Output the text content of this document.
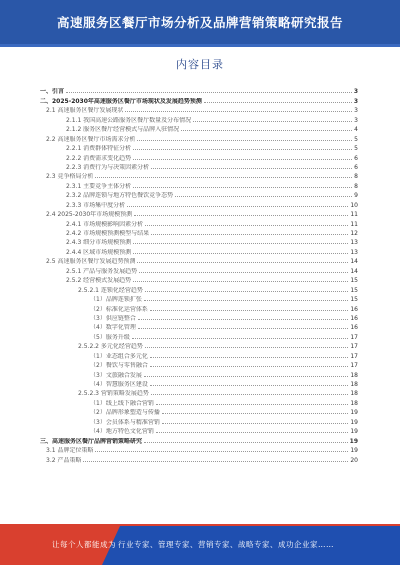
高速服务区餐厅市场分析及品牌营销策略研究报告
内容目录
一、引言	3
二、2025-2030年高速服务区餐厅市场现状及发展趋势预测	3
2.1 高速服务区餐厅发展现状	3
2.1.1 我国高速公路服务区餐厅数量及分布情况	3
2.1.2 服务区餐厅经营模式与品牌入驻情况	4
2.2 高速服务区餐厅市场需求分析	5
2.2.1 消费群体特征分析	5
2.2.2 消费需求变化趋势	6
2.2.3 消费行为与决策因素分析	6
2.3 竞争格局分析	8
2.3.1 主要竞争主体分析	8
2.3.2 品牌连锁与地方特色餐饮竞争态势	9
2.3.3 市场集中度分析	10
2.4 2025-2030年市场规模预测	11
2.4.1 市场规模影响因素分析	11
2.4.2 市场规模预测模型与结果	12
2.4.3 细分市场规模预测	13
2.4.4 区域市场规模预测	13
2.5 高速服务区餐厅发展趋势预测	14
2.5.1 产品与服务发展趋势	14
2.5.2 经营模式发展趋势	15
2.5.2.1 连锁化经营趋势	15
（1）品牌连锁扩张	15
（2）标准化运营体系	16
（3）供应链整合	16
（4）数字化管理	16
（5）服务升级	17
2.5.2.2 多元化经营趋势	17
（1）业态组合多元化	17
（2）餐饮与零售融合	17
（3）文旅融合发展	18
（4）智慧服务区建设	18
2.5.2.3 营销策略发展趋势	18
（1）线上线下融合营销	18
（2）品牌形象塑造与传播	19
（3）会员体系与精准营销	19
（4）地方特色文化营销	19
三、高速服务区餐厅品牌营销策略研究	19
3.1 品牌定位策略	19
3.2 产品策略	20
让每个人都能成为 行业专家、管理专家、营销专家、战略专家、成功企业家……
